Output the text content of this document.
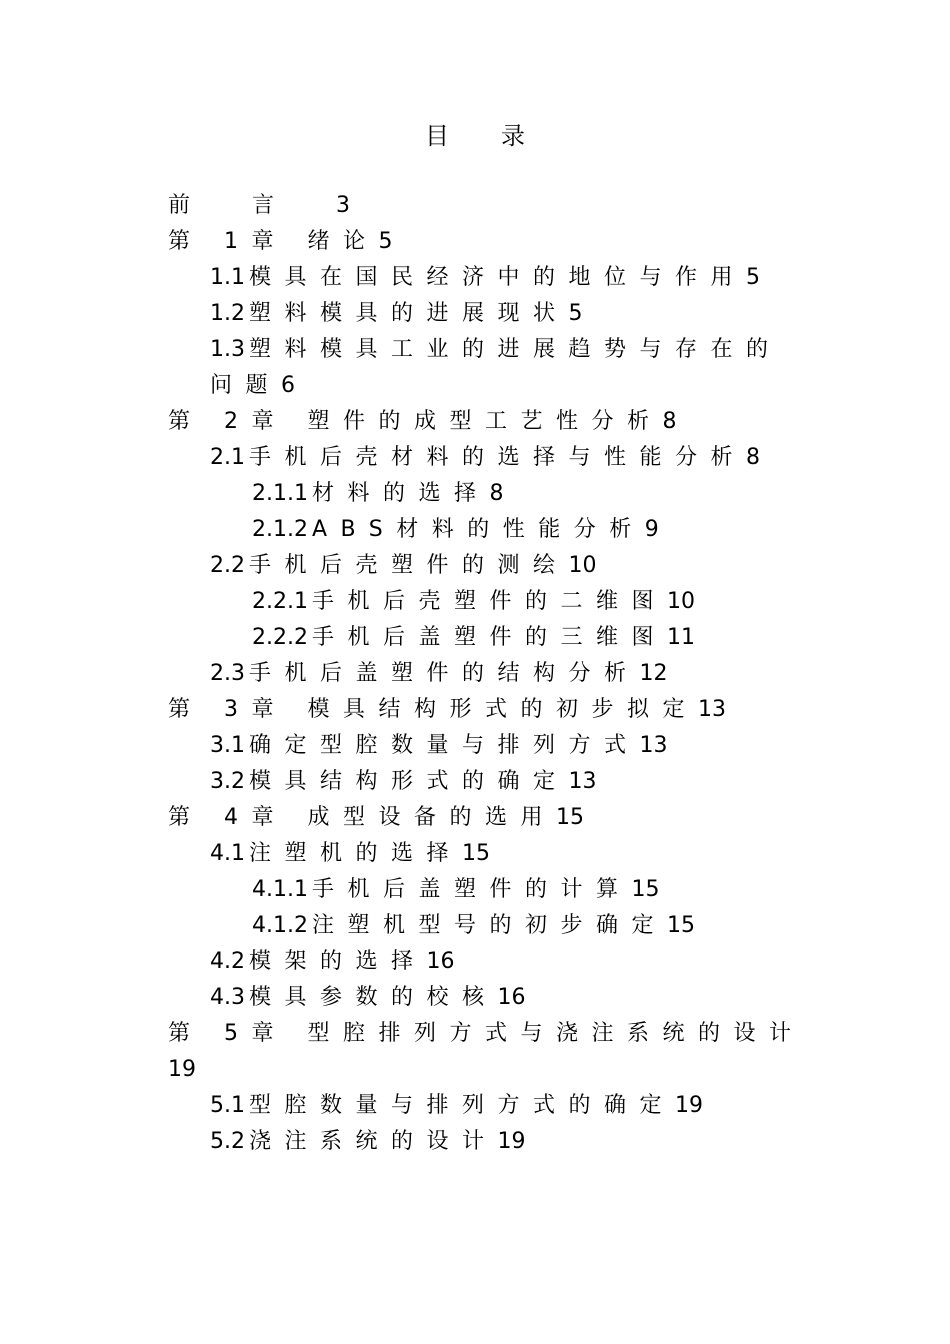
目录
前言3
第 1章 绪论5
1.1 模具在国民经济中的地位与作用5
1.2 塑料模具的进展现状5
1.3 塑料模具工业的进展趋势与存在的问题6
第 2章 塑件的成型工艺性分析8
2.1 手机后壳材料的选择与性能分析8
2.1.1 材料的选择8
2.1.2 ABS材料的性能分析9
2.2 手机后壳塑件的测绘10
2.2.1 手机后壳塑件的二维图10
2.2.2 手机后盖塑件的三维图11
2.3 手机后盖塑件的结构分析12
第 3章 模具结构形式的初步拟定13
3.1 确定型腔数量与排列方式13
3.2 模具结构形式的确定13
第 4章 成型设备的选用15
4.1 注塑机的选择15
4.1.1 手机后盖塑件的计算15
4.1.2 注塑机型号的初步确定15
4.2 模架的选择16
4.3 模具参数的校核16
第 5章 型腔排列方式与浇注系统的设计19
5.1 型腔数量与排列方式的确定19
5.2 浇注系统的设计19
